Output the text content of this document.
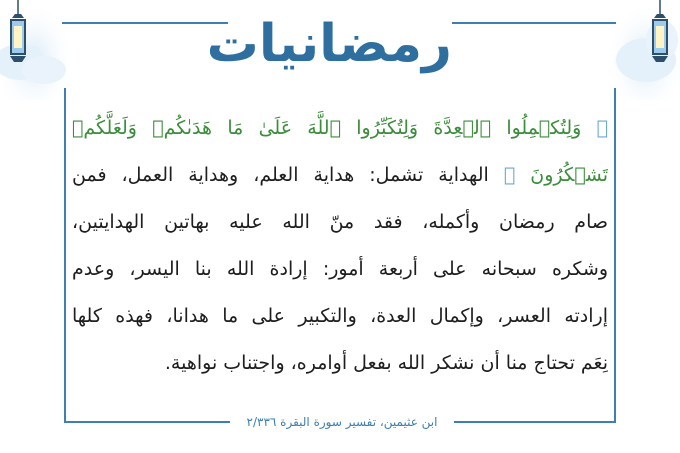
رمضانيات
﴿ وَلِتُكۡمِلُوا ٱلۡعِدَّةَ وَلِتُكَبِّرُوا ٱللَّهَ عَلَىٰ مَا هَدَىٰكُمۡ وَلَعَلَّكُمۡ
تَشۡكُرُونَ ﴾ الهداية تشمل: هداية العلم، وهداية العمل، فمن
صام رمضان وأكمله، فقد منّ الله عليه بهاتين الهدايتين،
وشكره سبحانه على أربعة أمور: إرادة الله بنا اليسر، وعدم
إرادته العسر، وإكمال العدة، والتكبير على ما هدانا، فهذه كلها
نِعَم تحتاج منا أن نشكر الله بفعل أوامره، واجتناب نواهية.
ابن عثيمين، تفسير سورة البقرة ٢/٣٣٦
